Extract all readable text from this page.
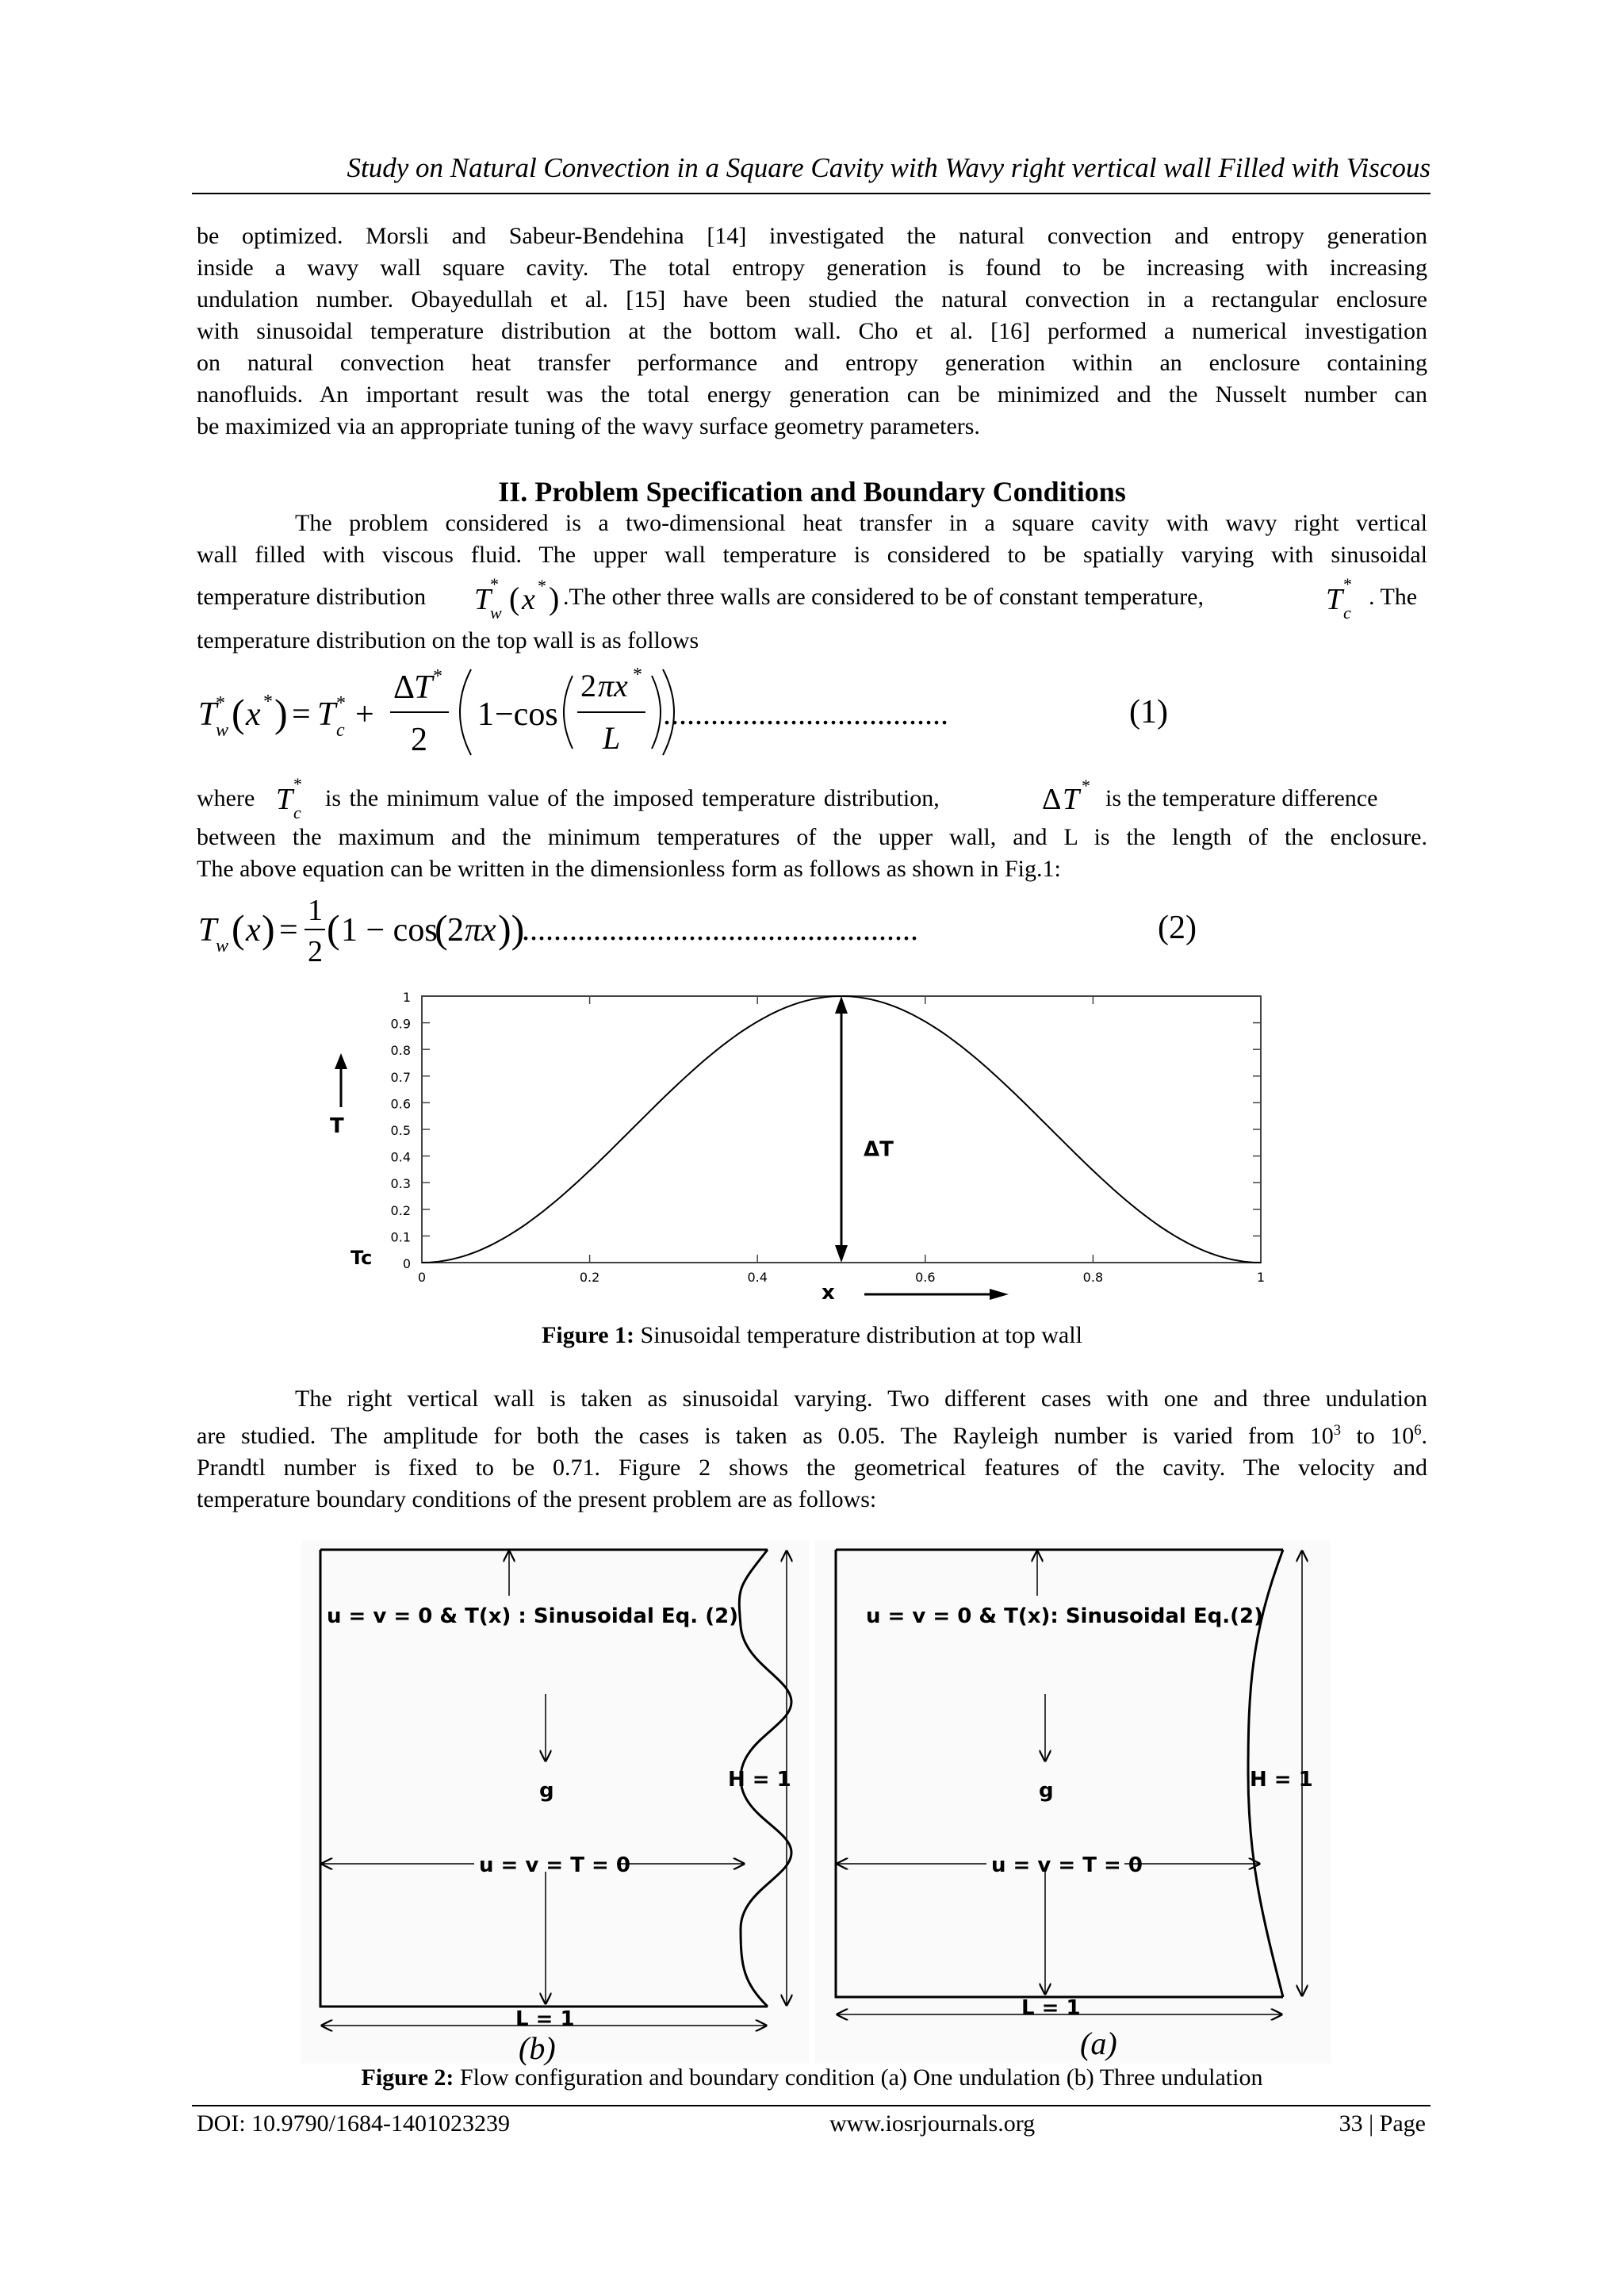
Study on Natural Convection in a Square Cavity with Wavy right vertical wall Filled with Viscous
be optimized. Morsli and Sabeur-Bendehina [14] investigated the natural convection and entropy generation
inside a wavy wall square cavity. The total entropy generation is found to be increasing with increasing
undulation number. Obayedullah et al. [15] have been studied the natural convection in a rectangular enclosure
with sinusoidal temperature distribution at the bottom wall. Cho et al. [16] performed a numerical investigation
on natural convection heat transfer performance and entropy generation within an enclosure containing
nanofluids. An important result was the total energy generation can be minimized and the Nusselt number can
be maximized via an appropriate tuning of the wavy surface geometry parameters.
II. Problem Specification and Boundary Conditions
The problem considered is a two-dimensional heat transfer in a square cavity with wavy right vertical
wall filled with viscous fluid. The upper wall temperature is considered to be spatially varying with sinusoidal
temperature distribution T
*
w ( x * ) .The other three walls are considered to be of constant temperature,	T *
c
. The
temperature distribution on the top wall is as follows
T
*
w ( x * ) = T *
c +
Δ
T *
2
1 −cos
2 πx *
L
....................................	(1)
where T *
c
is the minimum value of the imposed temperature distribution,	Δ T * is the temperature difference
between the maximum and the minimum temperatures of the upper wall, and L is the length of the enclosure.
The above equation can be written in the dimensionless form as follows as shown in Fig.1:
T
w ( x ) =
1
2
( 1 − cos
( 2 πx ))
..................................................	(2)
0
0.1
0.2
0.3
0.4
0.5
0.6
0.7
0.8
0.9
1
0	0.2	0.4	0.6	0.8	1
ΔT
T
Tc
x
Figure 1: Sinusoidal temperature distribution at top wall
The right vertical wall is taken as sinusoidal varying. Two different cases with one and three undulation
are studied. The amplitude for both the cases is taken as 0.05. The Rayleigh number is varied from $10^3$ to $10^6$.
Prandtl number is fixed to be 0.71. Figure 2 shows the geometrical features of the cavity. The velocity and
temperature boundary conditions of the present problem are as follows:
u = v = 0 & T(x) : Sinusoidal Eq. (2)
g
u = v = T = 0
H = 1
L = 1
(b)
u = v = 0 & T(x): Sinusoidal Eq.(2)
g
u = v = T = 0
H = 1
L = 1
(a)
Figure 2: Flow configuration and boundary condition (a) One undulation (b) Three undulation
DOI: 10.9790/1684-1401023239	www.iosrjournals.org	33 | Page
